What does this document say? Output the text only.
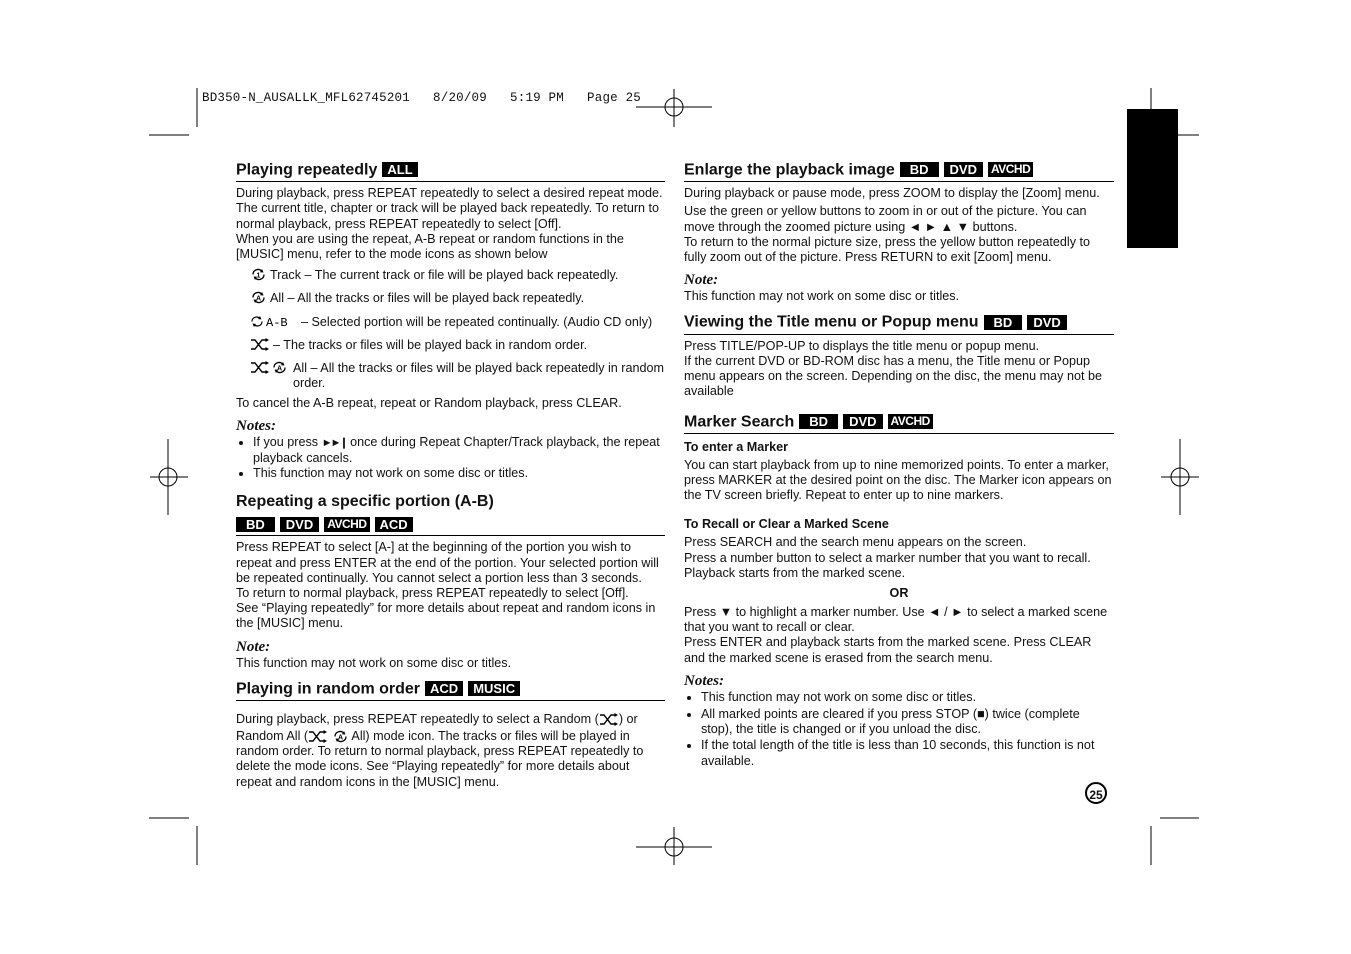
BD350-N_AUSALLK_MFL62745201   8/20/09   5:19 PM   Page 25
Playing repeatedly ALL

During playback, press REPEAT repeatedly to select a desired repeat mode. The current title, chapter or track will be played back repeatedly. To return to normal playback, press REPEAT repeatedly to select [Off].

When you are using the repeat, A-B repeat or random functions in the [MUSIC] menu, refer to the mode icons as shown below

1 Track – The current track or file will be played back repeatedly.
A All – All the tracks or files will be played back repeatedly.
A-B – Selected portion will be repeated continually. (Audio CD only)
– The tracks or files will be played back in random order.
A All – All the tracks or files will be played back repeatedly in random order.

To cancel the A-B repeat, repeat or Random playback, press CLEAR.

Notes:
• If you press ►►❙ once during Repeat Chapter/Track playback, the repeat playback cancels.
• This function may not work on some disc or titles.
Repeating a specific portion (A-B)
BD DVD AVCHD ACD

Press REPEAT to select [A-] at the beginning of the portion you wish to repeat and press ENTER at the end of the portion. Your selected portion will be repeated continually. You cannot select a portion less than 3 seconds.

To return to normal playback, press REPEAT repeatedly to select [Off].

See “Playing repeatedly” for more details about repeat and random icons in the [MUSIC] menu.

Note:

This function may not work on some disc or titles.

Playing in random order ACD MUSIC

During playback, press REPEAT repeatedly to select a Random ( ) or

Random All (	A All) mode icon. The tracks or files will be played in random order. To return to normal playback, press REPEAT repeatedly to delete the mode icons. See “Playing repeatedly” for more details about repeat and random icons in the [MUSIC] menu.

Enlarge the playback image BD DVD AVCHD

During playback or pause mode, press ZOOM to display the [Zoom] menu.

Use the green or yellow buttons to zoom in or out of the picture. You can move through the zoomed picture using ◄ ► ▲ ▼ buttons.

To return to the normal picture size, press the yellow button repeatedly to fully zoom out of the picture. Press RETURN to exit [Zoom] menu.

Note:

This function may not work on some disc or titles.

Viewing the Title menu or Popup menu BD DVD

Press TITLE/POP-UP to displays the title menu or popup menu.

If the current DVD or BD-ROM disc has a menu, the Title menu or Popup menu appears on the screen. Depending on the disc, the menu may not be available

Marker Search BD DVD AVCHD
To enter a Marker

You can start playback from up to nine memorized points. To enter a marker, press MARKER at the desired point on the disc. The Marker icon appears on the TV screen briefly. Repeat to enter up to nine markers.

To Recall or Clear a Marked Scene

Press SEARCH and the search menu appears on the screen.

Press a number button to select a marker number that you want to recall. Playback starts from the marked scene.

OR

Press ▼ to highlight a marker number. Use ◄ / ► to select a marked scene that you want to recall or clear.

Press ENTER and playback starts from the marked scene. Press CLEAR and the marked scene is erased from the search menu.

Notes:
• This function may not work on some disc or titles.
• All marked points are cleared if you press STOP (■) twice (complete stop), the title is changed or if you unload the disc.
• If the total length of the title is less than 10 seconds, this function is not available.
25
